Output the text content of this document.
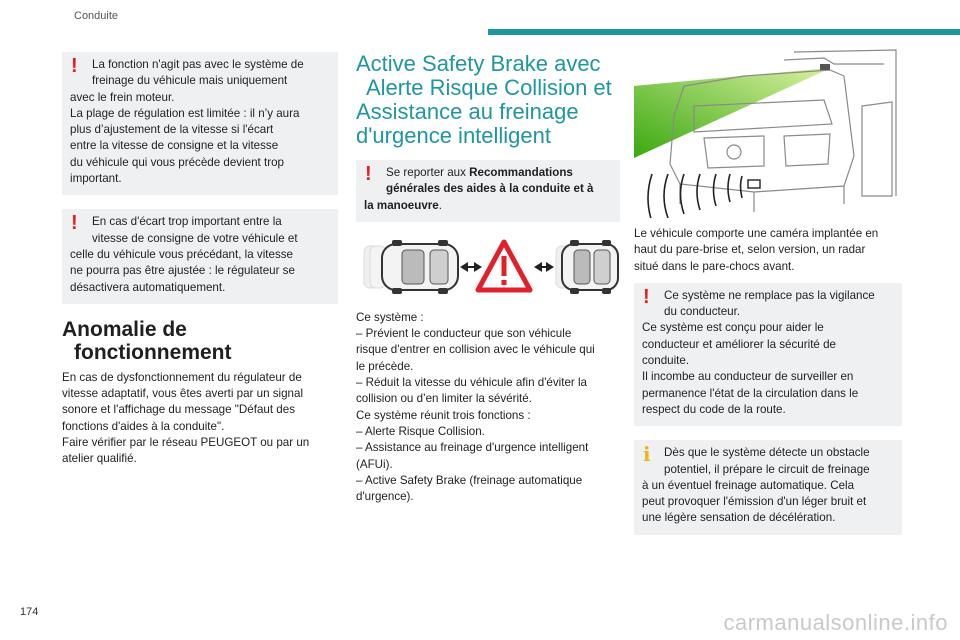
Conduite
!	La fonction n'agit pas avec le système de

freinage du véhicule mais uniquement

avec le frein moteur.

La plage de régulation est limitée : il n’y aura

plus d’ajustement de la vitesse si l'écart

entre la vitesse de consigne et la vitesse

du véhicule qui vous précède devient trop

important.

!	En cas d'écart trop important entre la

vitesse de consigne de votre véhicule et

celle du véhicule vous précédant, la vitesse

ne pourra pas être ajustée : le régulateur se

désactivera automatiquement.

Anomalie de
fonctionnement

En cas de dysfonctionnement du régulateur de

vitesse adaptatif, vous êtes averti par un signal

sonore et l'affichage du message "Défaut des

fonctions d'aides à la conduite".

Faire vérifier par le réseau PEUGEOT ou par un

atelier qualifié.

Active Safety Brake avec
Alerte Risque Collision et
Assistance au freinage
d'urgence intelligent
!	Se reporter aux Recommandations

générales des aides à la conduite et à

la manoeuvre.

Ce système :

– Prévient le conducteur que son véhicule

risque d'entrer en collision avec le véhicule qui

le précède.

– Réduit la vitesse du véhicule afin d'éviter la

collision ou d’en limiter la sévérité.

Ce système réunit trois fonctions :

– Alerte Risque Collision.

– Assistance au freinage d'urgence intelligent

(AFUi).

– Active Safety Brake (freinage automatique

d'urgence).

Le véhicule comporte une caméra implantée en

haut du pare-brise et, selon version, un radar

situé dans le pare-chocs avant.

!	Ce système ne remplace pas la vigilance

du conducteur.

Ce système est conçu pour aider le

conducteur et améliorer la sécurité de

conduite.

Il incombe au conducteur de surveiller en

permanence l'état de la circulation dans le

respect du code de la route.

i	Dès que le système détecte un obstacle

potentiel, il prépare le circuit de freinage

à un éventuel freinage automatique. Cela

peut provoquer l'émission d'un léger bruit et

une légère sensation de décélération.

174	carmanualsonline.info
